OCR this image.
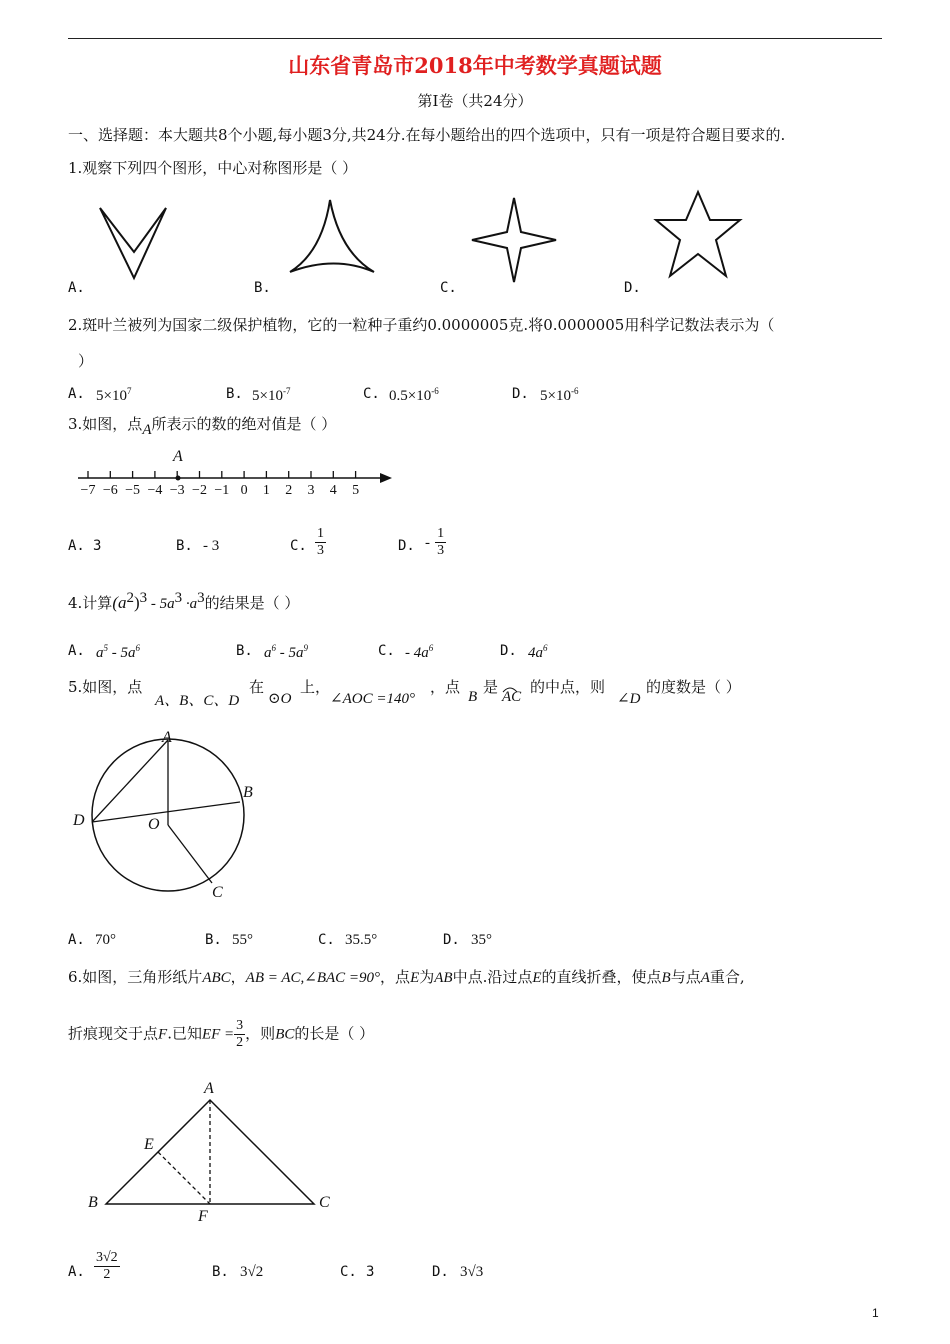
山东省青岛市2018年中考数学真题试题
第Ⅰ卷（共24分）
一、选择题：本大题共8个小题,每小题3分,共24分.在每小题给出的四个选项中，只有一项是符合题目要求的.
1.观察下列四个图形，中心对称图形是（ ）
A.	B.	C.	D.
2.斑叶兰被列为国家二级保护植物，它的一粒种子重约0.0000005克.将0.0000005用科学记数法表示为（
）
A. $5\times 10^7$	B. $5\times 10^{-7}$	C. $0.5\times 10^{-6}$	D. $5\times 10^{-6}$
3.如图，点A所表示的数的绝对值是（ ）
A
−7 −6 −5 −4 −3 −2 −1 0	1	2	3	4	5
A. 3	B. - 3	C. $\frac{1}{3}$	D. - $\frac{1}{3}$
4.计算$(a^2)^3 - 5a^3 \cdot a^3$的结果是（ ）
A. $a^5 - 5a^6$	B. $a^6 - 5a^9$	C. - $4a^6$	D. $4a^6$
5.如图，点
A、B、C、D
在
⊙O
上，
∠AOC =140°
，点
B
是
AC
的中点，则
∠D
的度数是（ ）
A
B
C
D	O
A. 70°	B. 55°	C. 35.5°	D. 35°
6.如图，三角形纸片ABC，AB = AC,∠BAC =90°，点E为AB中点.沿过点E的直线折叠，使点B与点A重合,
折痕现交于点F.已知EF = $\frac{3}{2}$ ，则BC的长是（ ）
A
B	C
E
F
A. $\frac{3√2}{2}$	B. 3√2	C. 3	D. 3√3
1
